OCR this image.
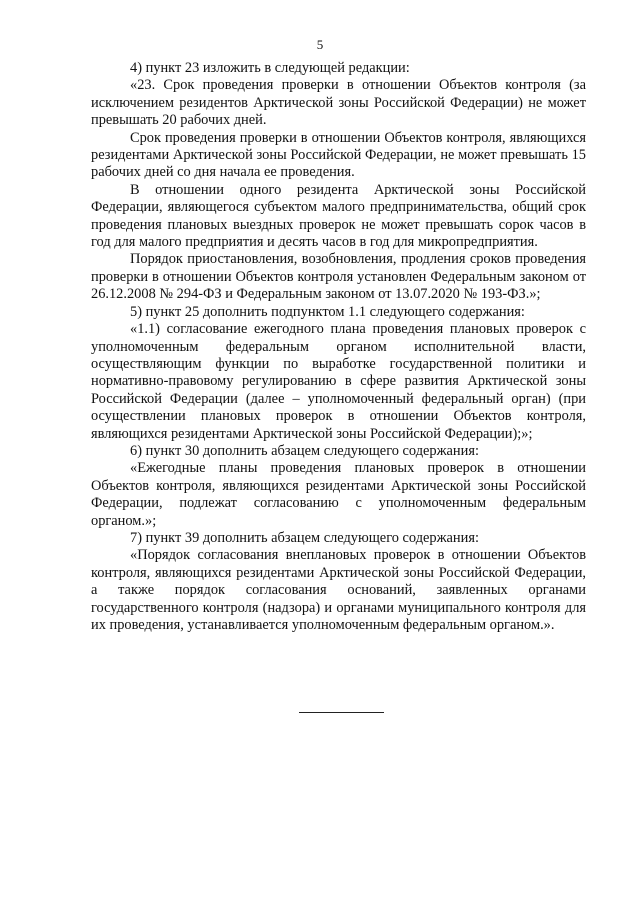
5

4) пункт 23 изложить в следующей редакции:

«23. Срок проведения проверки в отношении Объектов контроля (за исключением резидентов Арктической зоны Российской Федерации) не может превышать 20 рабочих дней.

Срок проведения проверки в отношении Объектов контроля, являющихся резидентами Арктической зоны Российской Федерации, не может превышать 15 рабочих дней со дня начала ее проведения.

В отношении одного резидента Арктической зоны Российской Федерации, являющегося субъектом малого предпринимательства, общий срок проведения плановых выездных проверок не может превышать сорок часов в год для малого предприятия и десять часов в год для микропредприятия.

Порядок приостановления, возобновления, продления сроков проведения проверки в отношении Объектов контроля установлен Федеральным законом от 26.12.2008 № 294-ФЗ и Федеральным законом от 13.07.2020 № 193-ФЗ.»;

5) пункт 25 дополнить подпунктом 1.1 следующего содержания:

«1.1) согласование ежегодного плана проведения плановых проверок с уполномоченным федеральным органом исполнительной власти, осуществляющим функции по выработке государственной политики и нормативно-правовому регулированию в сфере развития Арктической зоны Российской Федерации (далее – уполномоченный федеральный орган) (при осуществлении плановых проверок в отношении Объектов контроля, являющихся резидентами Арктической зоны Российской Федерации);»;

6) пункт 30 дополнить абзацем следующего содержания:

«Ежегодные планы проведения плановых проверок в отношении Объектов контроля, являющихся резидентами Арктической зоны Российской Федерации, подлежат согласованию с уполномоченным федеральным органом.»;

7) пункт 39 дополнить абзацем следующего содержания:

«Порядок согласования внеплановых проверок в отношении Объектов контроля, являющихся резидентами Арктической зоны Российской Федерации, а также порядок согласования оснований, заявленных органами государственного контроля (надзора) и органами муниципального контроля для их проведения, устанавливается уполномоченным федеральным органом.».
